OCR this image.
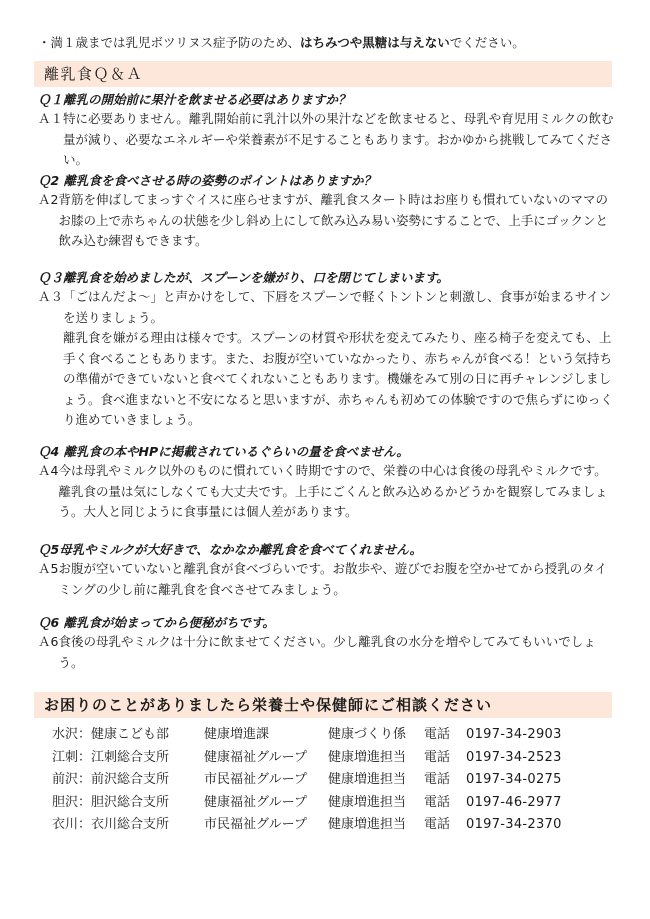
・満１歳までは乳児ボツリヌス症予防のため、はちみつや黒糖は与えないでください。
離乳食Ｑ＆Ａ
Ｑ１離乳の開始前に果汁を飲ませる必要はありますか？
Ａ１ 特に必要ありません。離乳開始前に乳汁以外の果汁などを飲ませると、母乳や育児用ミルクの飲む量が減り、必要なエネルギーや栄養素が不足することもあります。おかゆから挑戦してみてください。

Ｑ2 離乳食を食べさせる時の姿勢のポイントはありますか？
Ａ2 背筋を伸ばしてまっすぐイスに座らせますが、離乳食スタート時はお座りも慣れていないのママのお膝の上で赤ちゃんの状態を少し斜め上にして飲み込み易い姿勢にすることで、上手にゴックンと飲み込む練習もできます。

Ｑ３離乳食を始めましたが、スプーンを嫌がり、口を閉じてしまいます。
Ａ３ 「ごはんだよ～」と声かけをして、下唇をスプーンで軽くトントンと刺激し、食事が始まるサインを送りましょう。

離乳食を嫌がる理由は様々です。スプーンの材質や形状を変えてみたり、座る椅子を変えても、上手く食べることもあります。また、お腹が空いていなかったり、赤ちゃんが食べる！という気持ちの準備ができていないと食べてくれないこともあります。機嫌をみて別の日に再チャレンジしましょう。食べ進まないと不安になると思いますが、赤ちゃんも初めての体験ですので焦らずにゆっくり進めていきましょう。

Ｑ4 離乳食の本やHPに掲載されているぐらいの量を食べません。
Ａ4 今は母乳やミルク以外のものに慣れていく時期ですので、栄養の中心は食後の母乳やミルクです。離乳食の量は気にしなくても大丈夫です。上手にごくんと飲み込めるかどうかを観察してみましょう。大人と同じように食事量には個人差があります。

Ｑ5母乳やミルクが大好きで、なかなか離乳食を食べてくれません。
Ａ5 お腹が空いていないと離乳食が食べづらいです。お散歩や、遊びでお腹を空かせてから授乳のタイミングの少し前に離乳食を食べさせてみましょう。

Ｑ6 離乳食が始まってから便秘がちです。
Ａ6 食後の母乳やミルクは十分に飲ませてください。少し離乳食の水分を増やしてみてもいいでしょう。

お困りのことがありましたら栄養士や保健師にご相談ください
水沢：健康こども部	健康増進課	健康づくり係	電話	0197-34-2903
江刺：江刺総合支所	健康福祉グループ	健康増進担当	電話	0197-34-2523
前沢：前沢総合支所	市民福祉グループ	健康増進担当	電話	0197-34-0275
胆沢：胆沢総合支所	健康福祉グループ	健康増進担当	電話	0197-46-2977
衣川：衣川総合支所	市民福祉グループ	健康増進担当	電話	0197-34-2370
